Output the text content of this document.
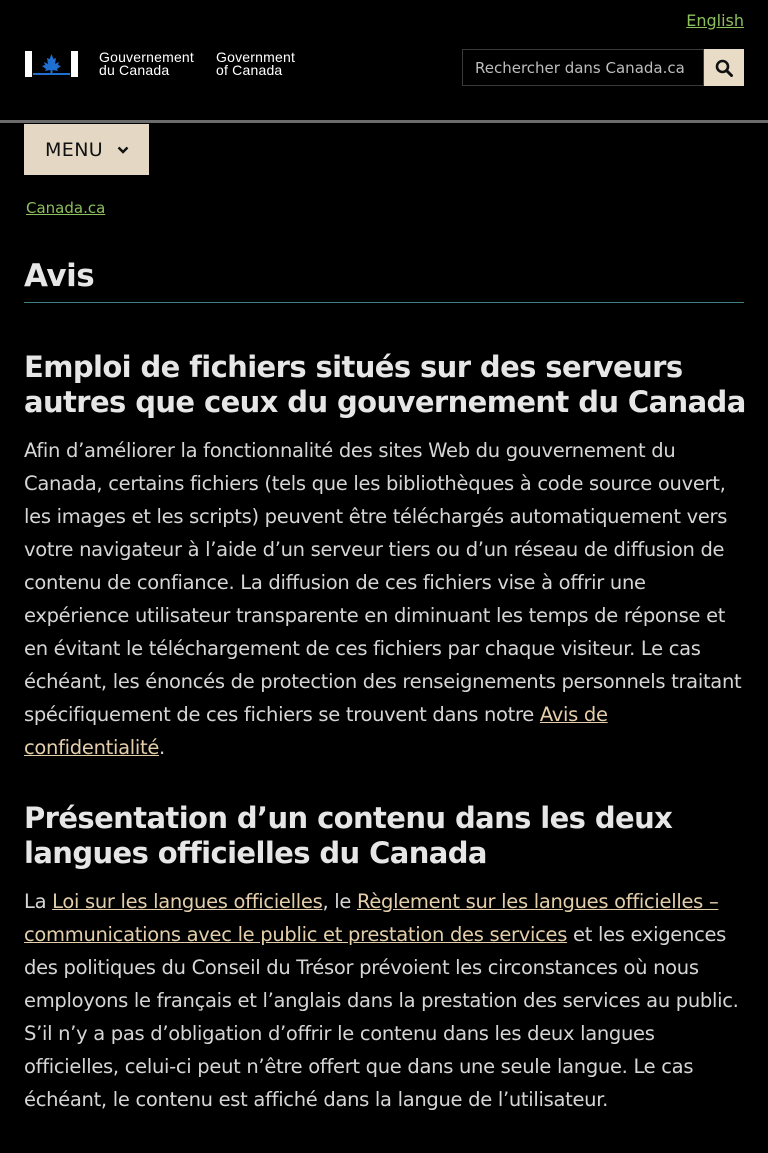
English
Gouvernement
du Canada
Government
of Canada
Rechercher dans Canada.ca
MENU
Canada.ca
Avis
Emploi de fichiers situés sur des serveurs autres que ceux du gouvernement du Canada

Afin d’améliorer la fonctionnalité des sites Web du gouvernement du Canada, certains fichiers (tels que les bibliothèques à code source ouvert, les images et les scripts) peuvent être téléchargés automatiquement vers votre navigateur à l’aide d’un serveur tiers ou d’un réseau de diffusion de contenu de confiance. La diffusion de ces fichiers vise à offrir une expérience utilisateur transparente en diminuant les temps de réponse et en évitant le téléchargement de ces fichiers par chaque visiteur. Le cas échéant, les énoncés de protection des renseignements personnels traitant spécifiquement de ces fichiers se trouvent dans notre Avis de confidentialité.

Présentation d’un contenu dans les deux langues officielles du Canada

La Loi sur les langues officielles, le Règlement sur les langues officielles – communications avec le public et prestation des services et les exigences des politiques du Conseil du Trésor prévoient les circonstances où nous employons le français et l’anglais dans la prestation des services au public. S’il n’y a pas d’obligation d’offrir le contenu dans les deux langues officielles, celui-ci peut n’être offert que dans une seule langue. Le cas échéant, le contenu est affiché dans la langue de l’utilisateur.
